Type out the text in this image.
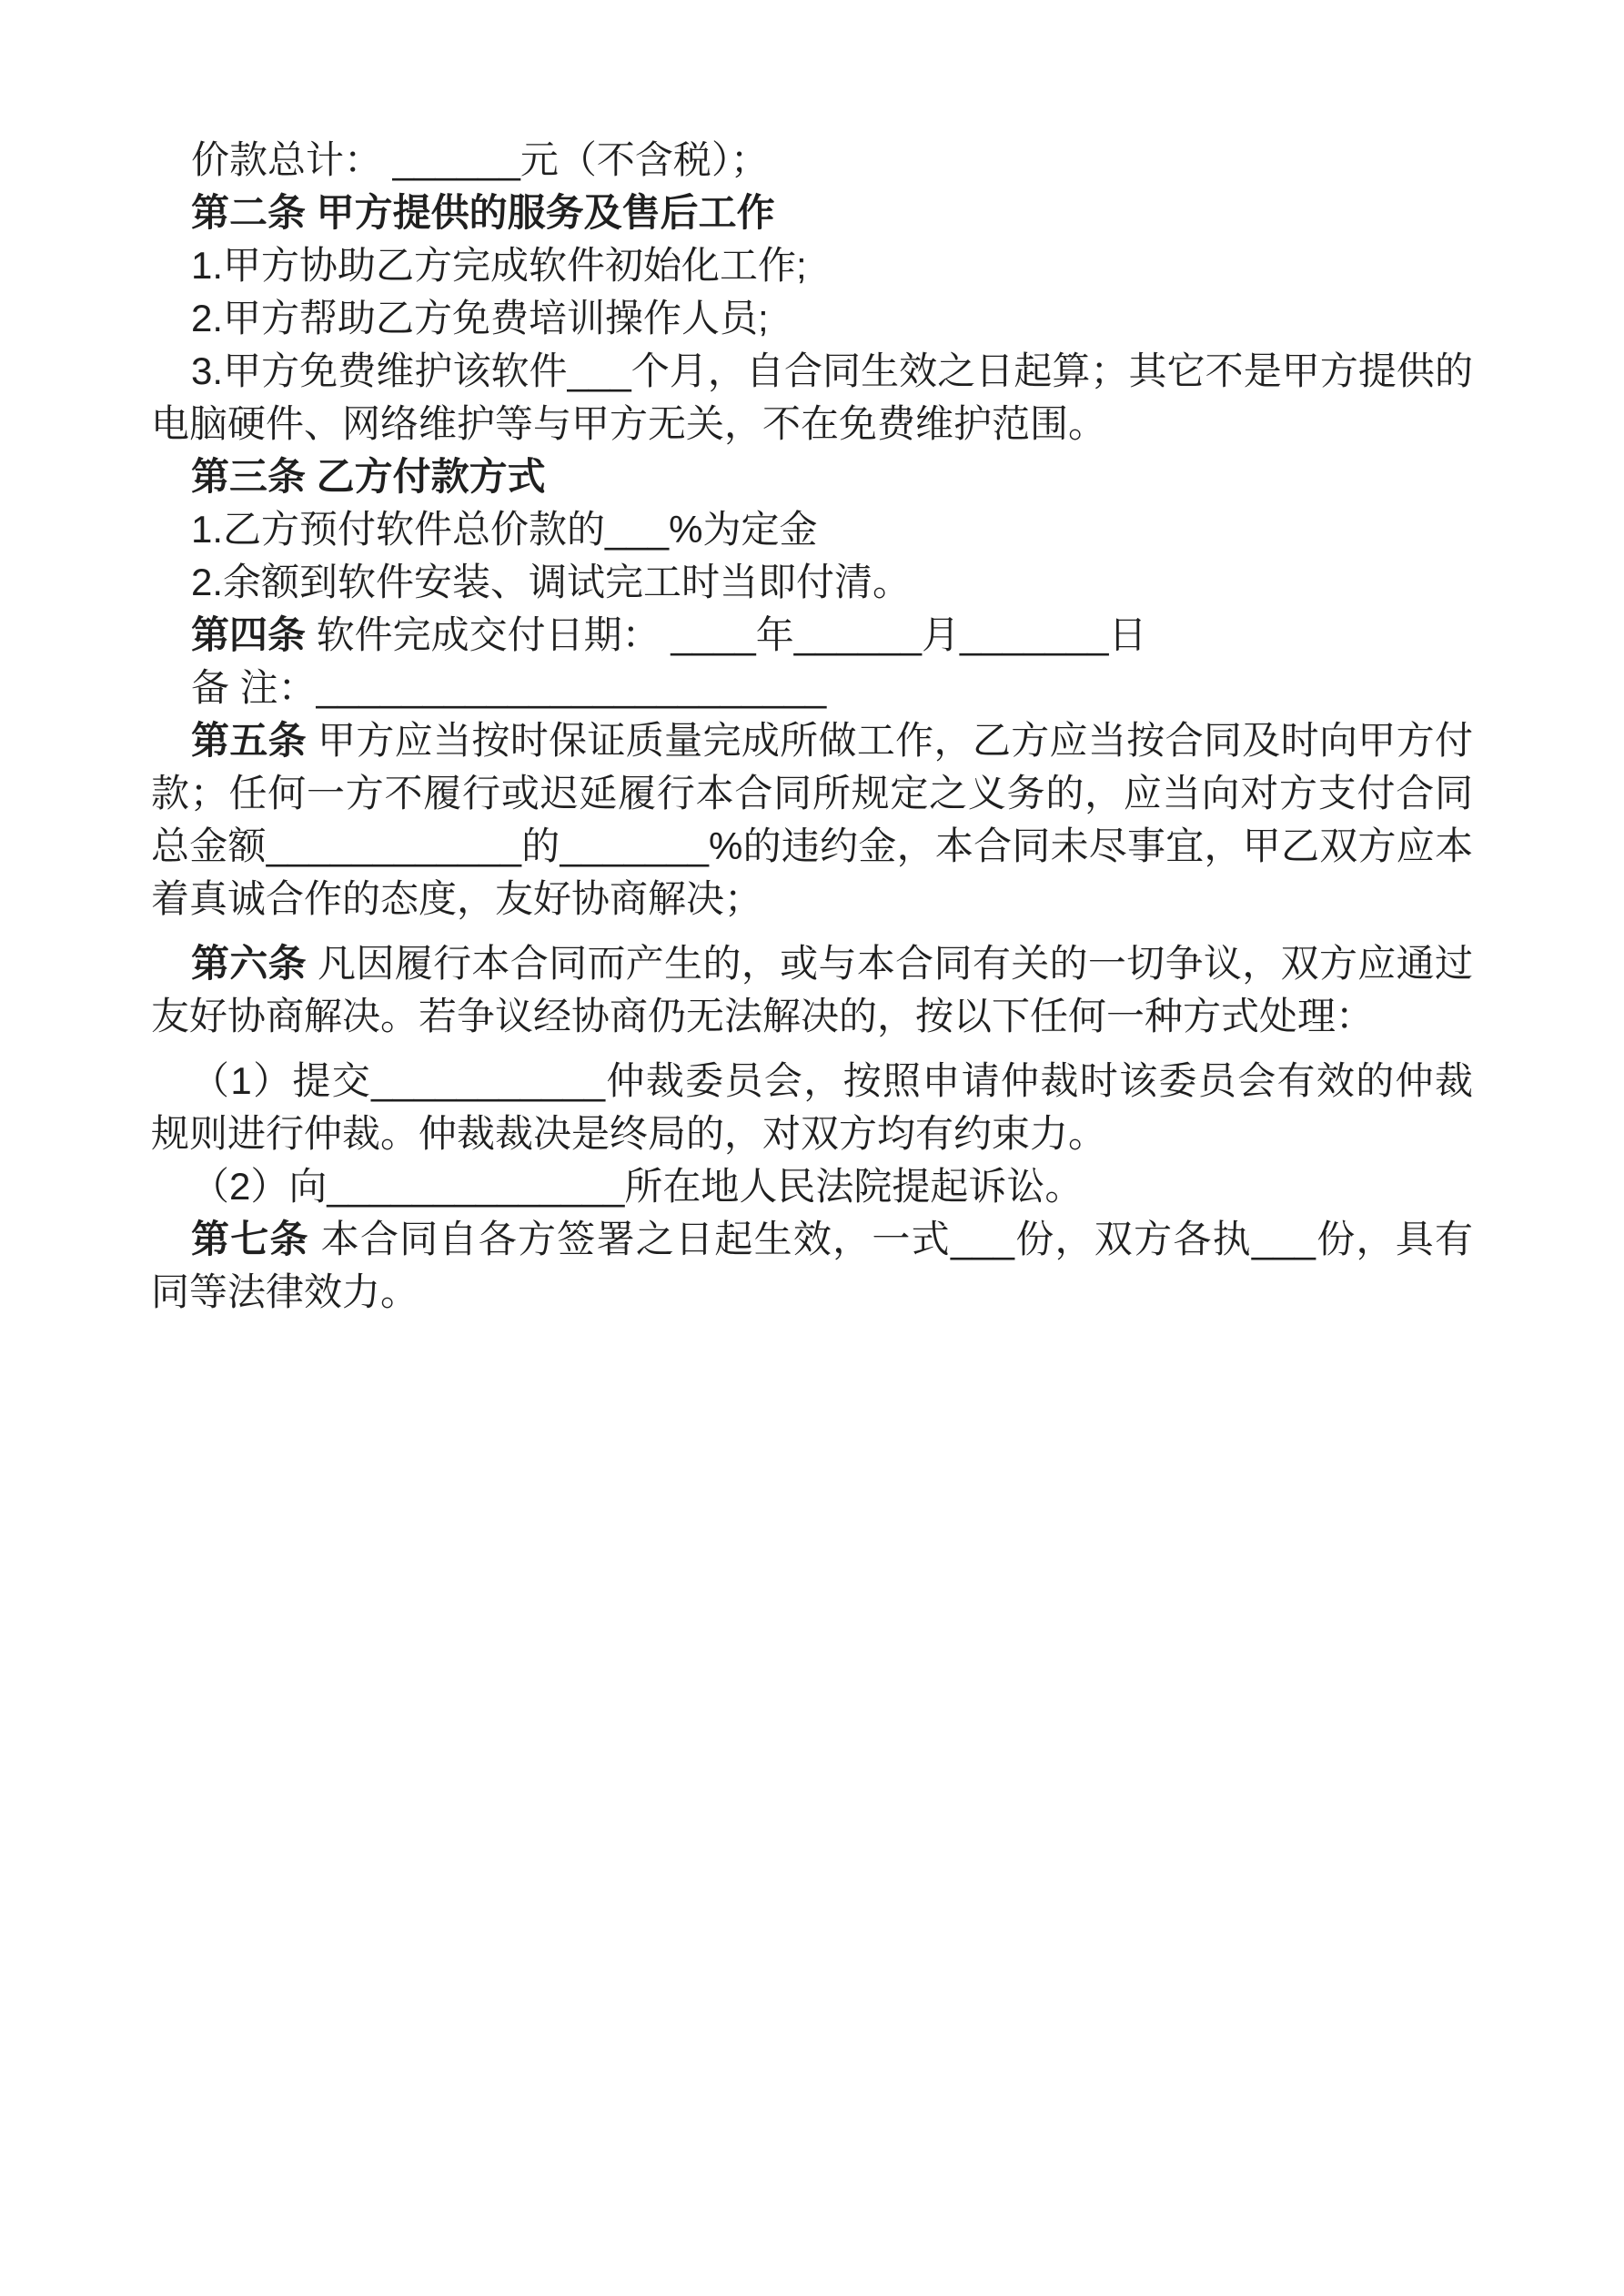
价款总计： ______元（不含税）；

第二条 甲方提供的服务及售后工作

1.甲方协助乙方完成软件初始化工作;

2.甲方帮助乙方免费培训操作人员;

3.甲方免费维护该软件___个月，自合同生效之日起算；其它不是甲方提供的电脑硬件、网络维护等与甲方无关，不在免费维护范围。

第三条 乙方付款方式

1.乙方预付软件总价款的___%为定金

2.余额到软件安装、调试完工时当即付清。

第四条 软件完成交付日期： ____年______月_______日

备 注：________________________

第五条 甲方应当按时保证质量完成所做工作，乙方应当按合同及时向甲方付款；任何一方不履行或迟延履行本合同所规定之义务的，应当向对方支付合同总金额____________的_______%的违约金，本合同未尽事宜，甲乙双方应本着真诚合作的态度，友好协商解决；

第六条 凡因履行本合同而产生的，或与本合同有关的一切争议，双方应通过友好协商解决。若争议经协商仍无法解决的，按以下任何一种方式处理：

（1）提交___________仲裁委员会，按照申请仲裁时该委员会有效的仲裁规则进行仲裁。仲裁裁决是终局的，对双方均有约束力。

（2）向______________所在地人民法院提起诉讼。

第七条 本合同自各方签署之日起生效，一式___份，双方各执___份，具有同等法律效力。
